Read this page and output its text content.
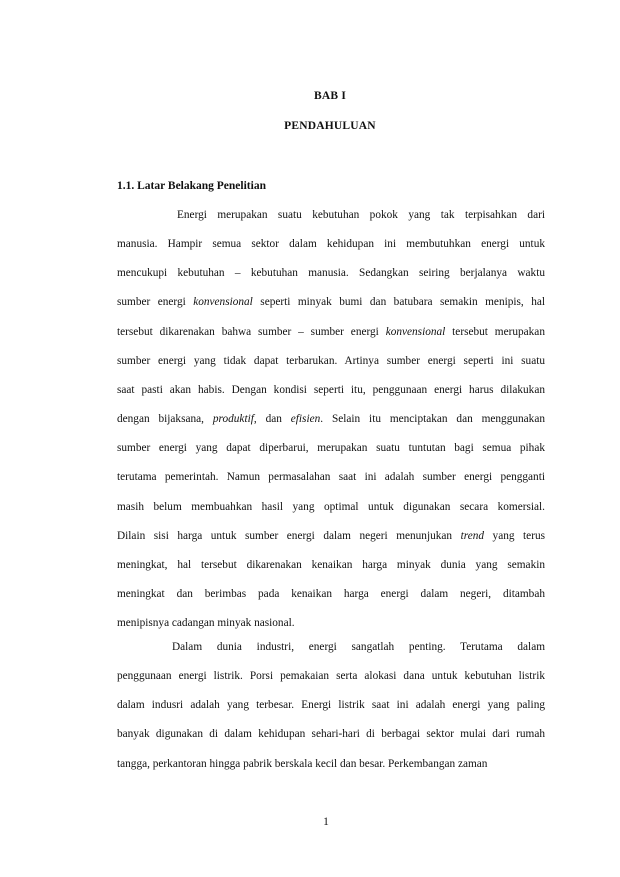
BAB I
PENDAHULUAN
1.1. Latar Belakang Penelitian
Energi merupakan suatu kebutuhan pokok yang tak terpisahkan dari
manusia. Hampir semua sektor dalam kehidupan ini membutuhkan energi untuk
mencukupi kebutuhan – kebutuhan manusia. Sedangkan seiring berjalanya waktu
sumber energi konvensional seperti minyak bumi dan batubara semakin menipis, hal
tersebut dikarenakan bahwa sumber – sumber energi konvensional tersebut merupakan
sumber energi yang tidak dapat terbarukan. Artinya sumber energi seperti ini suatu
saat pasti akan habis. Dengan kondisi seperti itu, penggunaan energi harus dilakukan
dengan bijaksana, produktif, dan efisien. Selain itu menciptakan dan menggunakan
sumber energi yang dapat diperbarui, merupakan suatu tuntutan bagi semua pihak
terutama pemerintah. Namun permasalahan saat ini adalah sumber energi pengganti
masih belum membuahkan hasil yang optimal untuk digunakan secara komersial.
Dilain sisi harga untuk sumber energi dalam negeri menunjukan trend yang terus
meningkat, hal tersebut dikarenakan kenaikan harga minyak dunia yang semakin
meningkat dan berimbas pada kenaikan harga energi dalam negeri, ditambah
menipisnya cadangan minyak nasional.
Dalam dunia industri, energi sangatlah penting. Terutama dalam
penggunaan energi listrik. Porsi pemakaian serta alokasi dana untuk kebutuhan listrik
dalam indusri adalah yang terbesar. Energi listrik saat ini adalah energi yang paling
banyak digunakan di dalam kehidupan sehari-hari di berbagai sektor mulai dari rumah
tangga, perkantoran hingga pabrik berskala kecil dan besar. Perkembangan zaman
1
